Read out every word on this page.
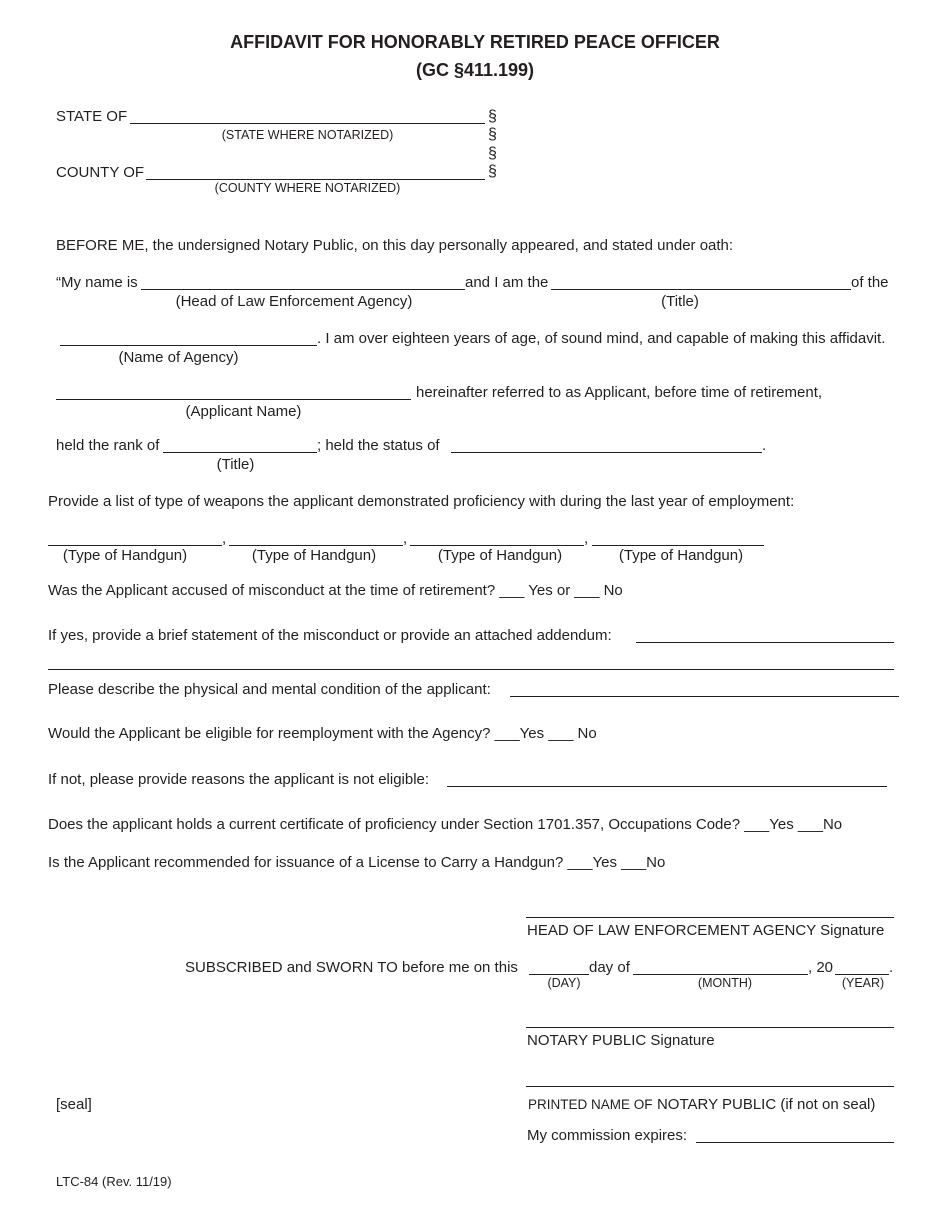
AFFIDAVIT FOR HONORABLY RETIRED PEACE OFFICER
(GC §411.199)
STATE OF
(STATE WHERE NOTARIZED)
§
§
§
§
COUNTY OF
(COUNTY WHERE NOTARIZED)
BEFORE ME, the undersigned Notary Public, on this day personally appeared, and stated under oath:
“My name is	and I am the	of the
(Head of Law Enforcement Agency)	(Title)
. I am over eighteen years of age, of sound mind, and capable of making this affidavit.
(Name of Agency)
hereinafter referred to as Applicant, before time of retirement,
(Applicant Name)
held the rank of	; held the status of	.
(Title)
Provide a list of type of weapons the applicant demonstrated proficiency with during the last year of employment:
,	,	,
(Type of Handgun)	(Type of Handgun)	(Type of Handgun)	(Type of Handgun)
Was the Applicant accused of misconduct at the time of retirement? ___ Yes or ___ No
If yes, provide a brief statement of the misconduct or provide an attached addendum:
Please describe the physical and mental condition of the applicant:
Would the Applicant be eligible for reemployment with the Agency? ___Yes ___ No
If not, please provide reasons the applicant is not eligible:
Does the applicant holds a current certificate of proficiency under Section 1701.357, Occupations Code? ___Yes ___No
Is the Applicant recommended for issuance of a License to Carry a Handgun? ___Yes ___No
HEAD OF LAW ENFORCEMENT AGENCY Signature
SUBSCRIBED and SWORN TO before me on this	day of	, 20	.
(DAY)	(MONTH)	(YEAR)
NOTARY PUBLIC Signature
[seal]	PRINTED NAME OF NOTARY PUBLIC (if not on seal)
My commission expires:
LTC-84 (Rev. 11/19)
